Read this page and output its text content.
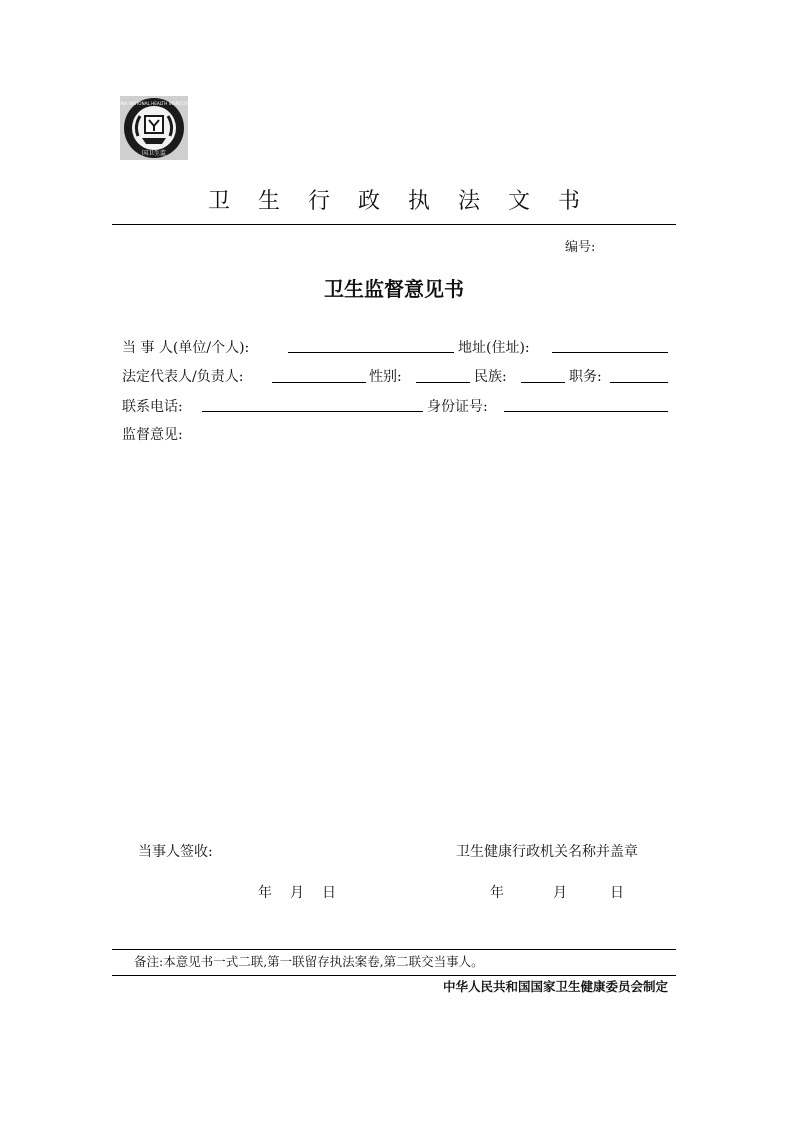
国卫生监
CHINA NATIONAL HEALTH INSPECTION
卫生行政执法文书
编号:
卫生监督意见书
当 事 人(单位/个人):	地址(住址):
法定代表人/负责人:	性别:	民族:	职务:
联系电话:	身份证号:
监督意见:
当事人签收:	卫生健康行政机关名称并盖章
年 月 日	年	月	日
备注:本意见书一式二联,第一联留存执法案卷,第二联交当事人。
中华人民共和国国家卫生健康委员会制定
